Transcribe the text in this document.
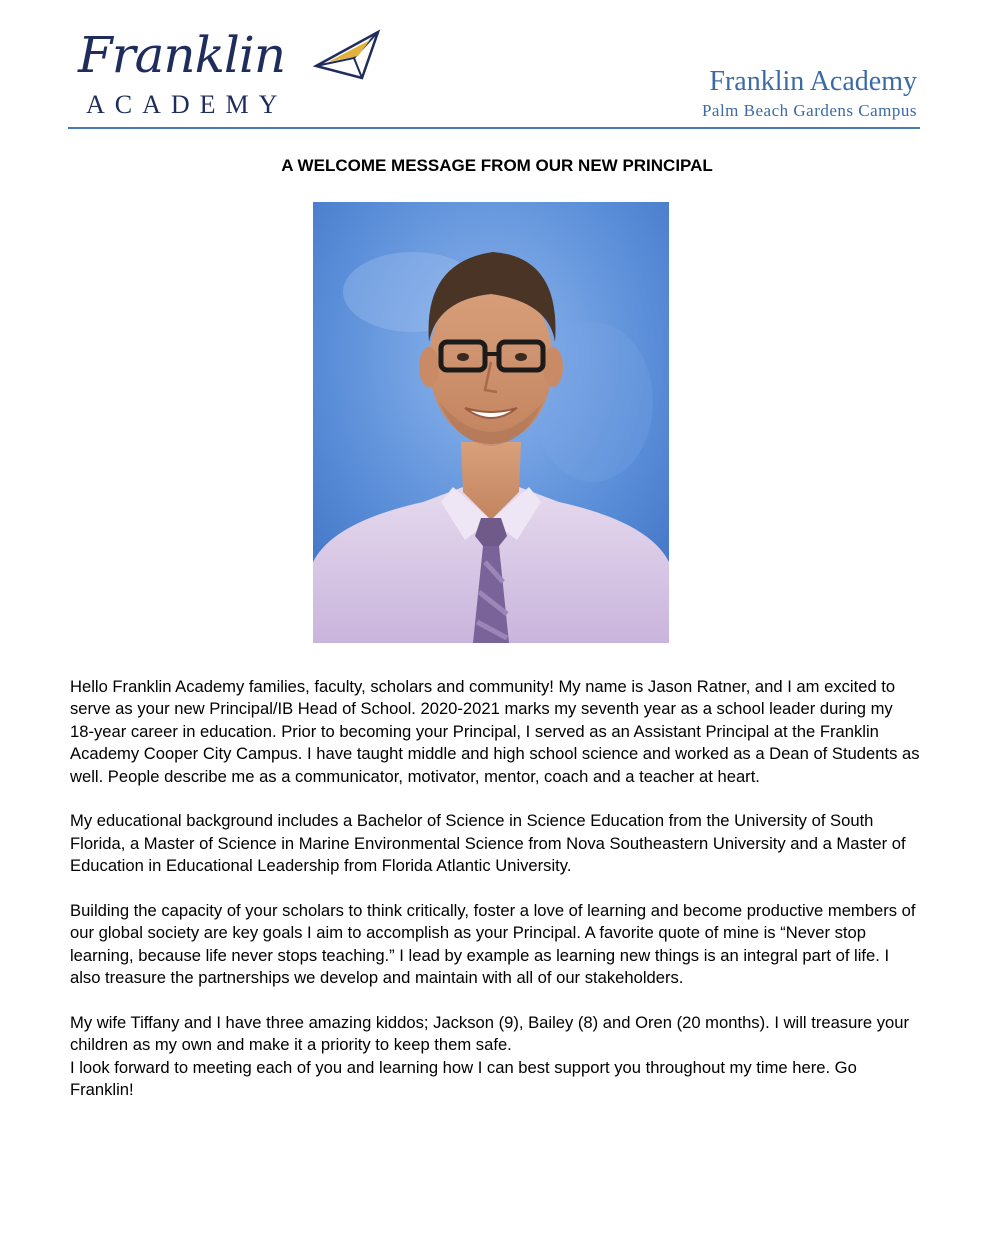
Franklin
ACADEMY
Franklin Academy
Palm Beach Gardens Campus
A WELCOME MESSAGE FROM OUR NEW PRINCIPAL

Hello Franklin Academy families, faculty, scholars and community! My name is Jason Ratner, and I am excited to serve as your new Principal/IB Head of School. 2020-2021 marks my seventh year as a school leader during my 18-year career in education. Prior to becoming your Principal, I served as an Assistant Principal at the Franklin Academy Cooper City Campus. I have taught middle and high school science and worked as a Dean of Students as well. People describe me as a communicator, motivator, mentor, coach and a teacher at heart.

My educational background includes a Bachelor of Science in Science Education from the University of South Florida, a Master of Science in Marine Environmental Science from Nova Southeastern University and a Master of Education in Educational Leadership from Florida Atlantic University.

Building the capacity of your scholars to think critically, foster a love of learning and become productive members of our global society are key goals I aim to accomplish as your Principal. A favorite quote of mine is “Never stop learning, because life never stops teaching.” I lead by example as learning new things is an integral part of life. I also treasure the partnerships we develop and maintain with all of our stakeholders.

My wife Tiffany and I have three amazing kiddos; Jackson (9), Bailey (8) and Oren (20 months). I will treasure your children as my own and make it a priority to keep them safe.

I look forward to meeting each of you and learning how I can best support you throughout my time here. Go Franklin!
